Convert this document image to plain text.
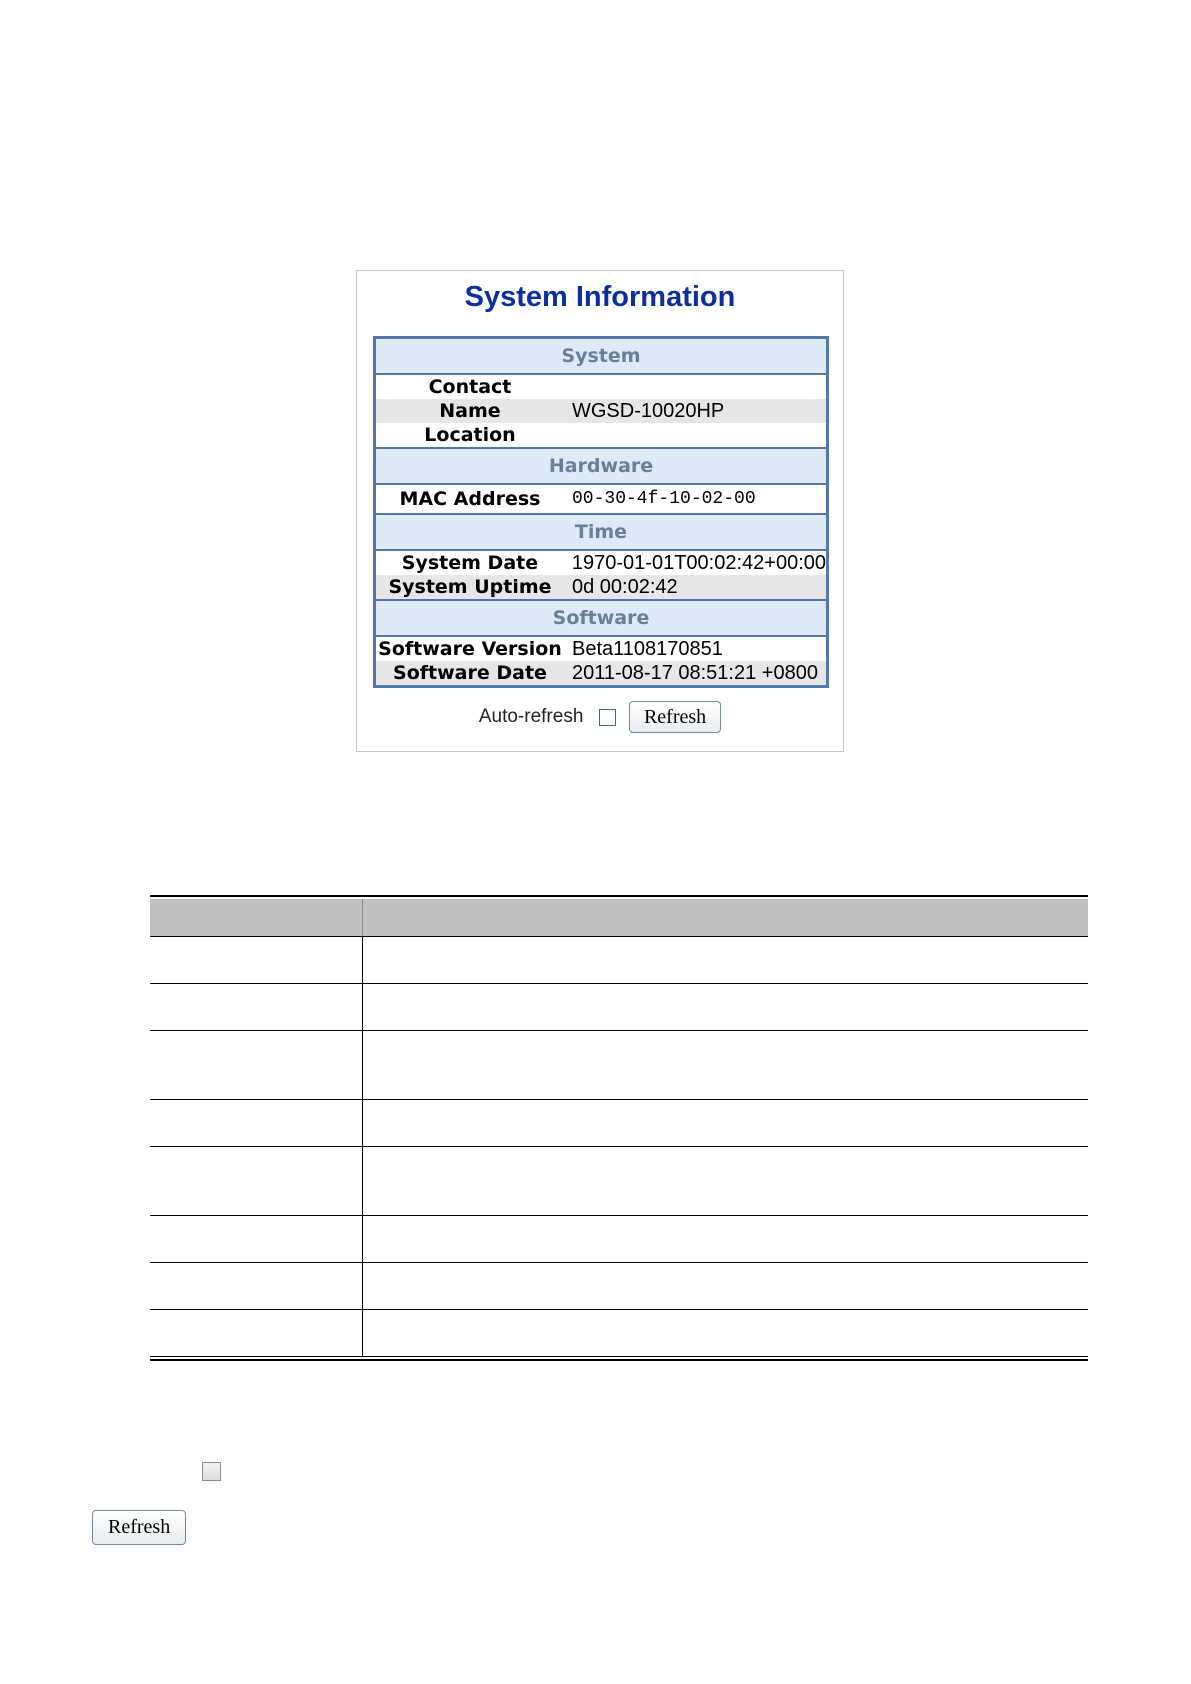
System Information
System
Contact
Name	WGSD-10020HP
Location
Hardware
MAC Address	00-30-4f-10-02-00
Time
System Date	1970-01-01T00:02:42+00:00
System Uptime	0d 00:02:42
Software
Software Version Beta1108170851
Software Date	2011-08-17 08:51:21 +0800
Auto-refresh	Refresh
Refresh
